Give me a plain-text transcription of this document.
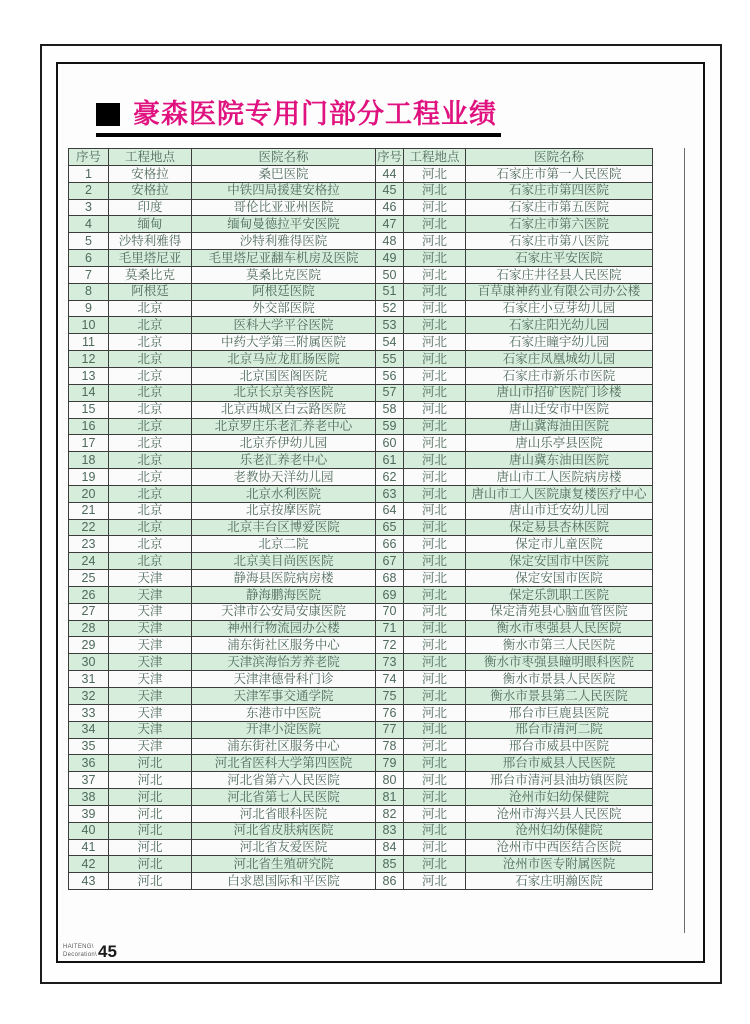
豪森医院专用门部分工程业绩
序号	工程地点	医院名称	序号	工程地点	医院名称
1	安格拉	桑巴医院	44	河北	石家庄市第一人民医院
2	安格拉	中铁四局援建安格拉	45	河北	石家庄市第四医院
3	印度	哥伦比亚亚州医院	46	河北	石家庄市第五医院
4	缅甸	缅甸曼德拉平安医院	47	河北	石家庄市第六医院
5	沙特利雅得	沙特利雅得医院	48	河北	石家庄市第八医院
6	毛里塔尼亚	毛里塔尼亚翻车机房及医院	49	河北	石家庄平安医院
7	莫桑比克	莫桑比克医院	50	河北	石家庄井径县人民医院
8	阿根廷	阿根廷医院	51	河北	百草康神药业有限公司办公楼
9	北京	外交部医院	52	河北	石家庄小豆芽幼儿园
10	北京	医科大学平谷医院	53	河北	石家庄阳光幼儿园
11	北京	中药大学第三附属医院	54	河北	石家庄瞳宇幼儿园
12	北京	北京马应龙肛肠医院	55	河北	石家庄凤凰城幼儿园
13	北京	北京国医阁医院	56	河北	石家庄市新乐市医院
14	北京	北京长京美容医院	57	河北	唐山市招矿医院门诊楼
15	北京	北京西城区白云路医院	58	河北	唐山迁安市中医院
16	北京	北京罗庄乐老汇养老中心	59	河北	唐山冀海油田医院
17	北京	北京乔伊幼儿园	60	河北	唐山乐亭县医院
18	北京	乐老汇养老中心	61	河北	唐山冀东油田医院
19	北京	老教协天洋幼儿园	62	河北	唐山市工人医院病房楼
20	北京	北京水利医院	63	河北	唐山市工人医院康复楼医疗中心
21	北京	北京按摩医院	64	河北	唐山市迁安幼儿园
22	北京	北京丰台区博爱医院	65	河北	保定易县杏林医院
23	北京	北京二院	66	河北	保定市儿童医院
24	北京	北京美目尚医医院	67	河北	保定安国市中医院
25	天津	静海县医院病房楼	68	河北	保定安国市医院
26	天津	静海鹏海医院	69	河北	保定乐凯职工医院
27	天津	天津市公安局安康医院	70	河北	保定清苑县心脑血管医院
28	天津	神州行物流园办公楼	71	河北	衡水市枣强县人民医院
29	天津	浦东街社区服务中心	72	河北	衡水市第三人民医院
30	天津	天津滨海怡芳养老院	73	河北	衡水市枣强县瞳明眼科医院
31	天津	天津津德骨科门诊	74	河北	衡水市景县人民医院
32	天津	天津军事交通学院	75	河北	衡水市景县第二人民医院
33	天津	东港市中医院	76	河北	邢台市巨鹿县医院
34	天津	开津小淀医院	77	河北	邢台市清河二院
35	天津	浦东街社区服务中心	78	河北	邢台市威县中医院
36	河北	河北省医科大学第四医院	79	河北	邢台市威县人民医院
37	河北	河北省第六人民医院	80	河北	邢台市清河县油坊镇医院
38	河北	河北省第七人民医院	81	河北	沧州市妇幼保健院
39	河北	河北省眼科医院	82	河北	沧州市海兴县人民医院
40	河北	河北省皮肤病医院	83	河北	沧州妇幼保健院
41	河北	河北省友爱医院	84	河北	沧州市中西医结合医院
42	河北	河北省生殖研究院	85	河北	沧州市医专附属医院
43	河北	白求恩国际和平医院	86	河北	石家庄明瀚医院
HAITENG\
Decoration\ 45
